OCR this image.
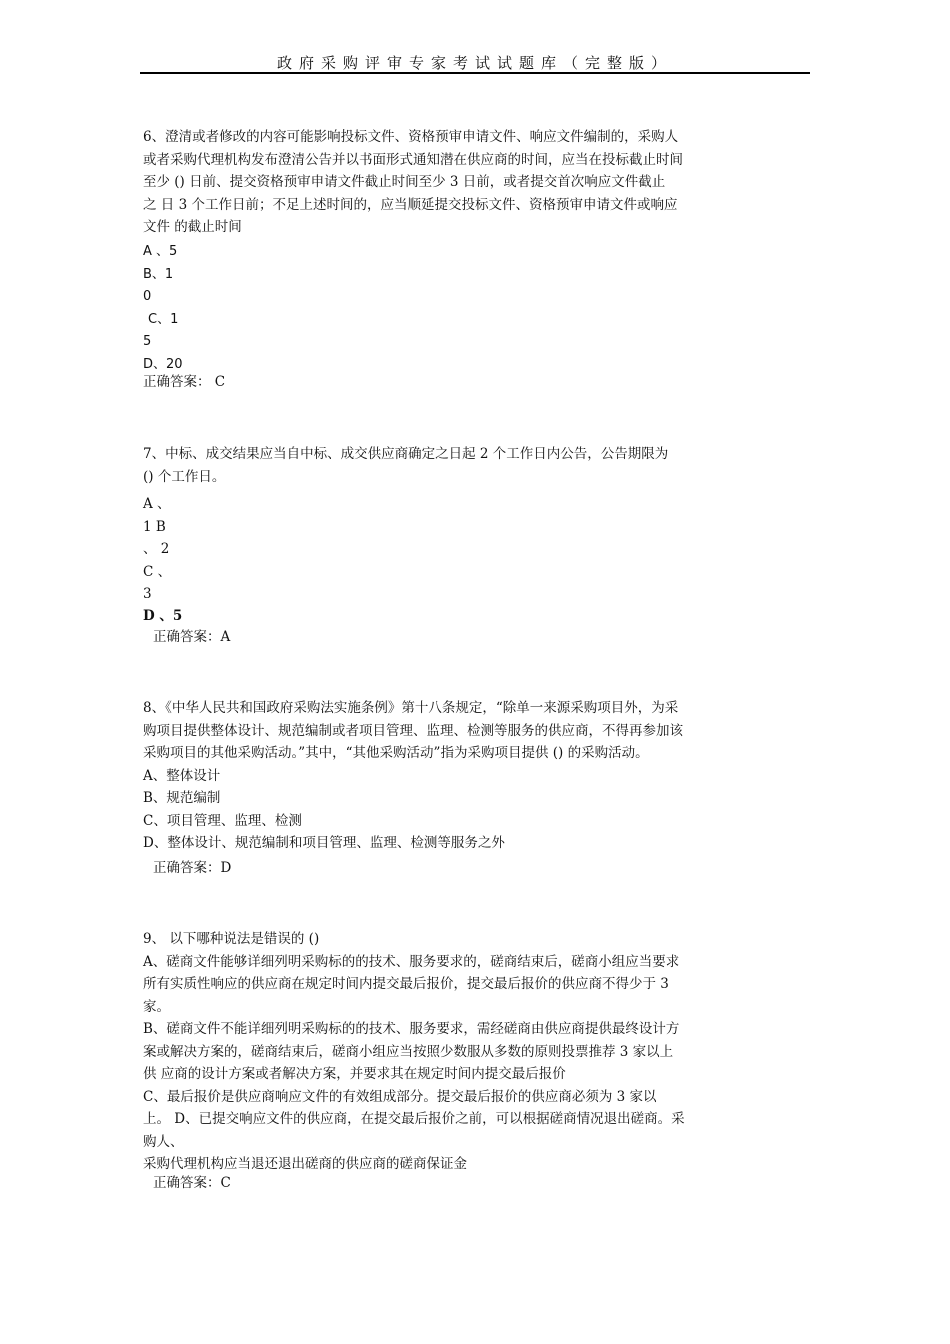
政府采购评审专家考试试题库（完整版）

6、澄清或者修改的内容可能影响投标文件、资格预审申请文件、响应文件编制的，采购人

或者采购代理机构发布澄清公告并以书面形式通知潜在供应商的时间，应当在投标截止时间

至少 () 日前、提交资格预审申请文件截止时间至少 3 日前，或者提交首次响应文件截止

之 日 3 个工作日前；不足上述时间的，应当顺延提交投标文件、资格预审申请文件或响应

文件 的截止时间

A 、5

B、1

0

C、1

5

D、20

正确答案： C

7、中标、成交结果应当自中标、成交供应商确定之日起 2 个工作日内公告，公告期限为

() 个工作日。

A 、

1 B

、 2

C 、

3

D 、5

正确答案：A

8、《中华人民共和国政府采购法实施条例》第十八条规定，“除单一来源采购项目外，为采

购项目提供整体设计、规范编制或者项目管理、监理、检测等服务的供应商，不得再参加该

采购项目的其他采购活动。”其中，“其他采购活动”指为采购项目提供 () 的采购活动。

A、整体设计

B、规范编制

C、项目管理、监理、检测

D、整体设计、规范编制和项目管理、监理、检测等服务之外

正确答案：D

9、 以下哪种说法是错误的 ()

A、磋商文件能够详细列明采购标的的技术、服务要求的，磋商结束后，磋商小组应当要求

所有实质性响应的供应商在规定时间内提交最后报价，提交最后报价的供应商不得少于 3

家。

B、磋商文件不能详细列明采购标的的技术、服务要求，需经磋商由供应商提供最终设计方

案或解决方案的，磋商结束后，磋商小组应当按照少数服从多数的原则投票推荐 3 家以上

供 应商的设计方案或者解决方案，并要求其在规定时间内提交最后报价

C、最后报价是供应商响应文件的有效组成部分。提交最后报价的供应商必须为 3 家以

上。 D、已提交响应文件的供应商，在提交最后报价之前，可以根据磋商情况退出磋商。采

购人、

采购代理机构应当退还退出磋商的供应商的磋商保证金

正确答案：C
